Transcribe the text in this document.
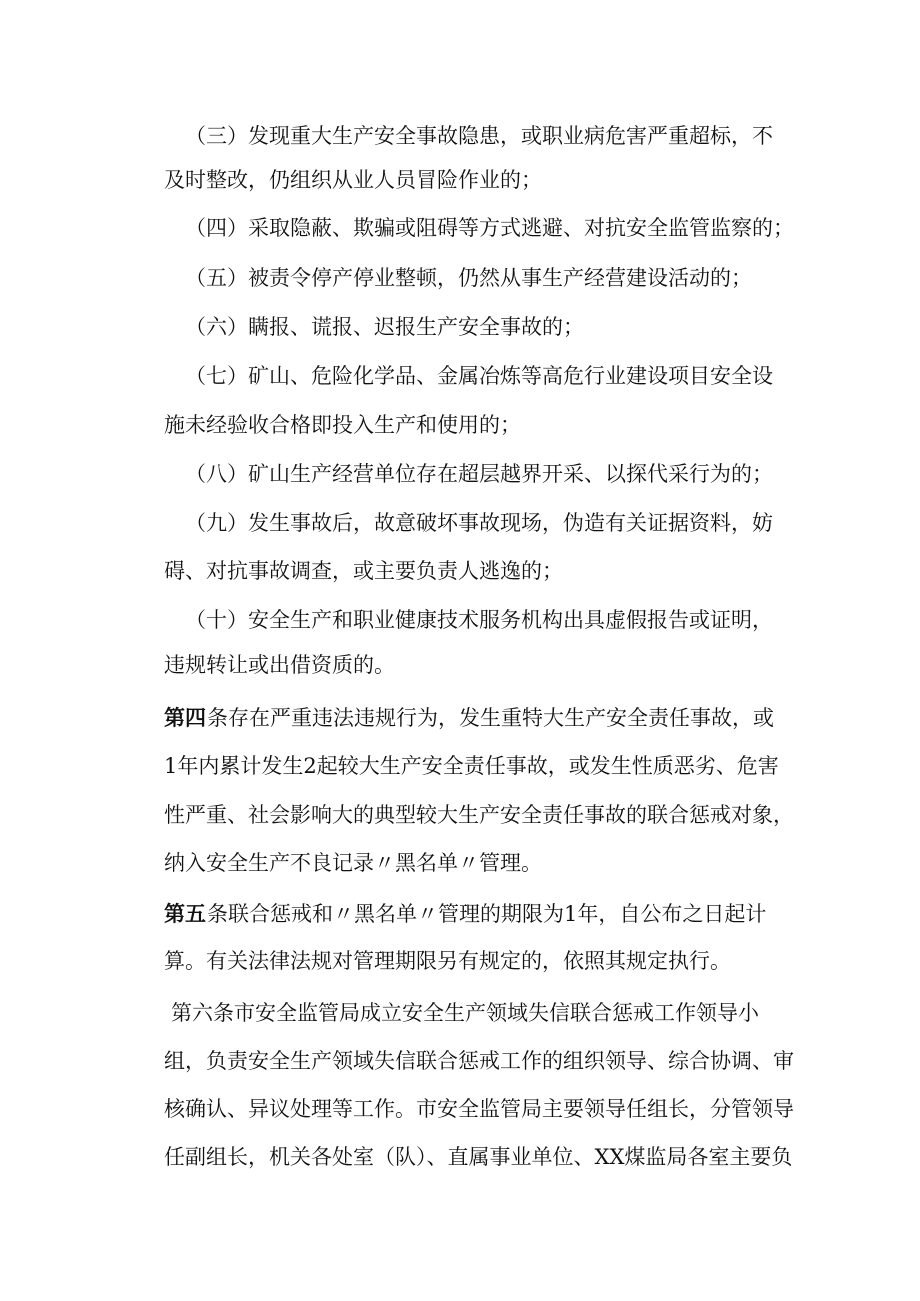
（三）发现重大生产安全事故隐患，或职业病危害严重超标，不
及时整改，仍组织从业人员冒险作业的；
（四）采取隐蔽、欺骗或阻碍等方式逃避、对抗安全监管监察的；
（五）被责令停产停业整顿，仍然从事生产经营建设活动的；
（六）瞒报、谎报、迟报生产安全事故的；
（七）矿山、危险化学品、金属冶炼等高危行业建设项目安全设
施未经验收合格即投入生产和使用的；
（八）矿山生产经营单位存在超层越界开采、以探代采行为的；
（九）发生事故后，故意破坏事故现场，伪造有关证据资料，妨
碍、对抗事故调查，或主要负责人逃逸的；
（十）安全生产和职业健康技术服务机构出具虚假报告或证明，
违规转让或出借资质的。
第四 条存在严重违法违规行为，发生重特大生产安全责任事故，或
1年内累计发生2起较大生产安全责任事故，或发生性质恶劣、危害
性严重、社会影响大的典型较大生产安全责任事故的联合惩戒对象，
纳入安全生产不良记录〃黑名单〃管理。
第五 条联合惩戒和〃黑名单〃管理的期限为1年，自公布之日起计
算。有关法律法规对管理期限另有规定的，依照其规定执行。
第六条市安全监管局成立安全生产领域失信联合惩戒工作领导小
组，负责安全生产领域失信联合惩戒工作的组织领导、综合协调、审
核确认、异议处理等工作。市安全监管局主要领导任组长，分管领导
任副组长，机关各处室（队）、直属事业单位、XX煤监局各室主要负
